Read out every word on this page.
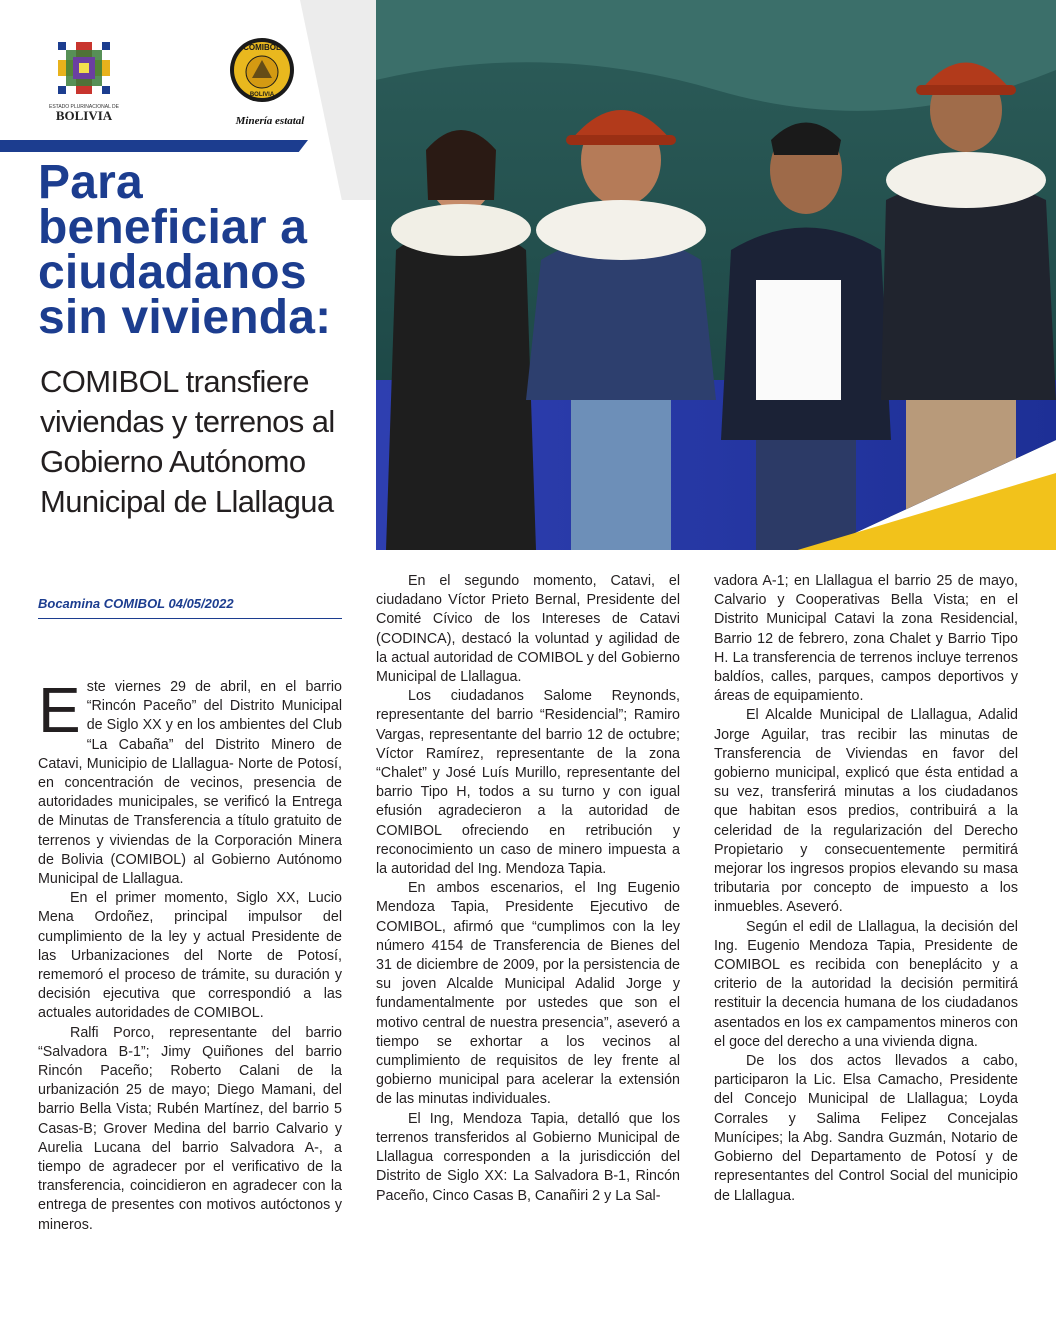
ESTADO PLURINACIONAL DE
BOLIVIA
COMIBOL
BOLIVIA
Minería estatal
Para beneficiar a ciudadanos sin vivienda:
COMIBOL transfiere viviendas y terrenos al Gobierno Autónomo Municipal de Llallagua
Bocamina COMIBOL 04/05/2022

Este viernes 29 de abril, en el barrio “Rincón Paceño” del Distrito Municipal de Siglo XX y en los ambientes del Club “La Cabaña” del Distrito Minero de Catavi, Municipio de Llallagua- Norte de Potosí, en concentración de vecinos, presencia de autoridades municipales, se verificó la Entrega de Minutas de Transferencia a título gratuito de terrenos y viviendas de la Corporación Minera de Bolivia (COMIBOL) al Gobierno Autónomo Municipal de Llallagua.

En el primer momento, Siglo XX, Lucio Mena Ordoñez, principal impulsor del cumplimiento de la ley y actual Presidente de las Urbanizaciones del Norte de Potosí, rememoró el proceso de trámite, su duración y decisión ejecutiva que correspondió a las actuales autoridades de COMIBOL.

Ralfi Porco, representante del barrio “Salvadora B-1”; Jimy Quiñones del barrio Rincón Paceño; Roberto Calani de la urbanización 25 de mayo; Diego Mamani, del barrio Bella Vista; Rubén Martínez, del barrio 5 Casas-B; Grover Medina del barrio Calvario y Aurelia Lucana del barrio Salvadora A-, a tiempo de agradecer por el verificativo de la transferencia, coincidieron en agradecer con la entrega de presentes con motivos autóctonos y mineros.

En el segundo momento, Catavi, el ciudadano Víctor Prieto Bernal, Presidente del Comité Cívico de los Intereses de Catavi (CODINCA), destacó la voluntad y agilidad de la actual autoridad de COMIBOL y del Gobierno Municipal de Llallagua.

Los ciudadanos Salome Reynonds, representante del barrio “Residencial”; Ramiro Vargas, representante del barrio 12 de octubre; Víctor Ramírez, representante de la zona “Chalet” y José Luís Murillo, representante del barrio Tipo H, todos a su turno y con igual efusión agradecieron a la autoridad de COMIBOL ofreciendo en retribución y reconocimiento un caso de minero impuesta a la autoridad del Ing. Mendoza Tapia.

En ambos escenarios, el Ing Eugenio Mendoza Tapia, Presidente Ejecutivo de COMIBOL, afirmó que “cumplimos con la ley número 4154 de Transferencia de Bienes del 31 de diciembre de 2009, por la persistencia de su joven Alcalde Municipal Adalid Jorge y fundamentalmente por ustedes que son el motivo central de nuestra presencia”, aseveró a tiempo se exhortar a los vecinos al cumplimiento de requisitos de ley frente al gobierno municipal para acelerar la extensión de las minutas individuales.

El Ing, Mendoza Tapia, detalló que los terrenos transferidos al Gobierno Municipal de Llallagua corresponden a la jurisdicción del Distrito de Siglo XX: La Salvadora B-1, Rincón Paceño, Cinco Casas B, Canañiri 2 y La Sal-

vadora A-1; en Llallagua el barrio 25 de mayo, Calvario y Cooperativas Bella Vista; en el Distrito Municipal Catavi la zona Residencial, Barrio 12 de febrero, zona Chalet y Barrio Tipo H. La transferencia de terrenos incluye terrenos baldíos, calles, parques, campos deportivos y áreas de equipamiento.

El Alcalde Municipal de Llallagua, Adalid Jorge Aguilar, tras recibir las minutas de Transferencia de Viviendas en favor del gobierno municipal, explicó que ésta entidad a su vez, transferirá minutas a los ciudadanos que habitan esos predios, contribuirá a la celeridad de la regularización del Derecho Propietario y consecuentemente permitirá mejorar los ingresos propios elevando su masa tributaria por concepto de impuesto a los inmuebles. Aseveró.

Según el edil de Llallagua, la decisión del Ing. Eugenio Mendoza Tapia, Presidente de COMIBOL es recibida con beneplácito y a criterio de la autoridad la decisión permitirá restituir la decencia humana de los ciudadanos asentados en los ex campamentos mineros con el goce del derecho a una vivienda digna.

De los dos actos llevados a cabo, participaron la Lic. Elsa Camacho, Presidente del Concejo Municipal de Llallagua; Loyda Corrales y Salima Felipez Concejalas Munícipes; la Abg. Sandra Guzmán, Notario de Gobierno del Departamento de Potosí y de representantes del Control Social del municipio de Llallagua.
